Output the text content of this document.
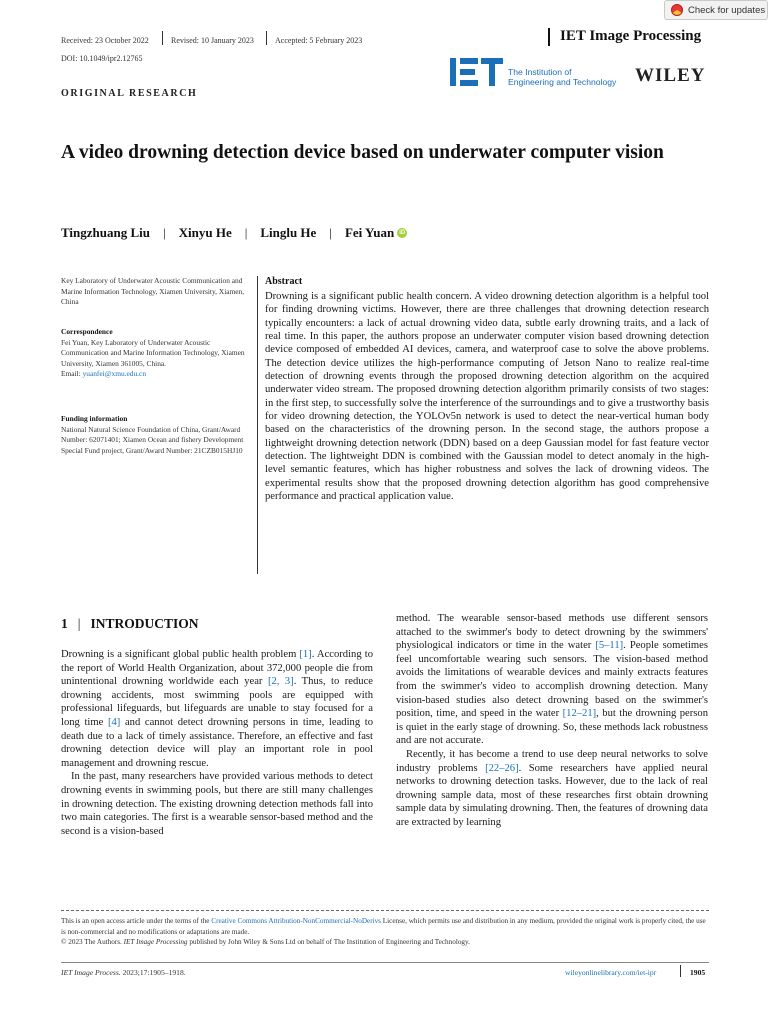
Check for updates
Received: 23 October 2022	Revised: 10 January 2023	Accepted: 5 February 2023	IET Image Processing
DOI: 10.1049/ipr2.12765
ORIGINAL RESEARCH
The Institution of
Engineering and Technology WILEY
A video drowning detection device based on underwater computer vision
Tingzhuang Liu | Xinyu He | Linglu He | Fei Yuan iD
Key Laboratory of Underwater Acoustic Communication and Marine Information Technology, Xiamen University, Xiamen, China
Correspondence
Fei Yuan, Key Laboratory of Underwater Acoustic Communication and Marine Information Technology, Xiamen University, Xiamen 361005, China.
Email: yuanfei@xmu.edu.cn
Funding information
National Natural Science Foundation of China, Grant/Award Number: 62071401; Xiamen Ocean and fishery Development Special Fund project, Grant/Award Number: 21CZB015HJ10
Abstract
Drowning is a significant public health concern. A video drowning detection algorithm is a helpful tool for finding drowning victims. However, there are three challenges that drowning detection research typically encounters: a lack of actual drowning video data, subtle early drowning traits, and a lack of real time. In this paper, the authors propose an underwater computer vision based drowning detection device composed of embedded AI devices, camera, and waterproof case to solve the above problems. The detection device utilizes the high-performance computing of Jetson Nano to realize real-time detection of drowning events through the proposed drowning detection algorithm on the acquired underwater video stream. The proposed drowning detection algorithm primarily consists of two stages: in the first step, to successfully solve the interference of the surroundings and to give a trustworthy basis for video drowning detection, the YOLOv5n network is used to detect the near-vertical human body based on the characteristics of the drowning person. In the second stage, the authors propose a lightweight drowning detection network (DDN) based on a deep Gaussian model for fast feature vector detection. The lightweight DDN is combined with the Gaussian model to detect anomaly in the high-level semantic features, which has higher robustness and solves the lack of drowning videos. The experimental results show that the proposed drowning detection algorithm has good comprehensive performance and practical application value.
1 | INTRODUCTION

Drowning is a significant global public health problem [1]. According to the report of World Health Organization, about 372,000 people die from unintentional drowning worldwide each year [2, 3]. Thus, to reduce drowning accidents, most swimming pools are equipped with professional lifeguards, but lifeguards are unable to stay focused for a long time [4] and cannot detect drowning persons in time, leading to death due to a lack of timely assistance. Therefore, an effective and fast drowning detection device will play an important role in pool management and drowning rescue.

In the past, many researchers have provided various methods to detect drowning events in swimming pools, but there are still many challenges in drowning detection. The existing drowning detection methods fall into two main categories. The first is a wearable sensor-based method and the second is a vision-based

method. The wearable sensor-based methods use different sensors attached to the swimmer's body to detect drowning by the swimmers' physiological indicators or time in the water [5–11]. People sometimes feel uncomfortable wearing such sensors. The vision-based method avoids the limitations of wearable devices and mainly extracts features from the swimmer's video to accomplish drowning detection. Many vision-based studies also detect drowning based on the swimmer's position, time, and speed in the water [12–21], but the drowning person is quiet in the early stage of drowning. So, these methods lack robustness and are not accurate.

Recently, it has become a trend to use deep neural networks to solve industry problems [22–26]. Some researchers have applied neural networks to drowning detection tasks. However, due to the lack of real drowning sample data, most of these researches first obtain drowning sample data by simulating drowning. Then, the features of drowning data are extracted by learning

This is an open access article under the terms of the Creative Commons Attribution-NonCommercial-NoDerivs License, which permits use and distribution in any medium, provided the original work is properly cited, the use is non-commercial and no modifications or adaptations are made.
© 2023 The Authors. IET Image Processing published by John Wiley & Sons Ltd on behalf of The Institution of Engineering and Technology.
IET Image Process. 2023;17:1905–1918.	wileyonlinelibrary.com/iet-ipr	1905
